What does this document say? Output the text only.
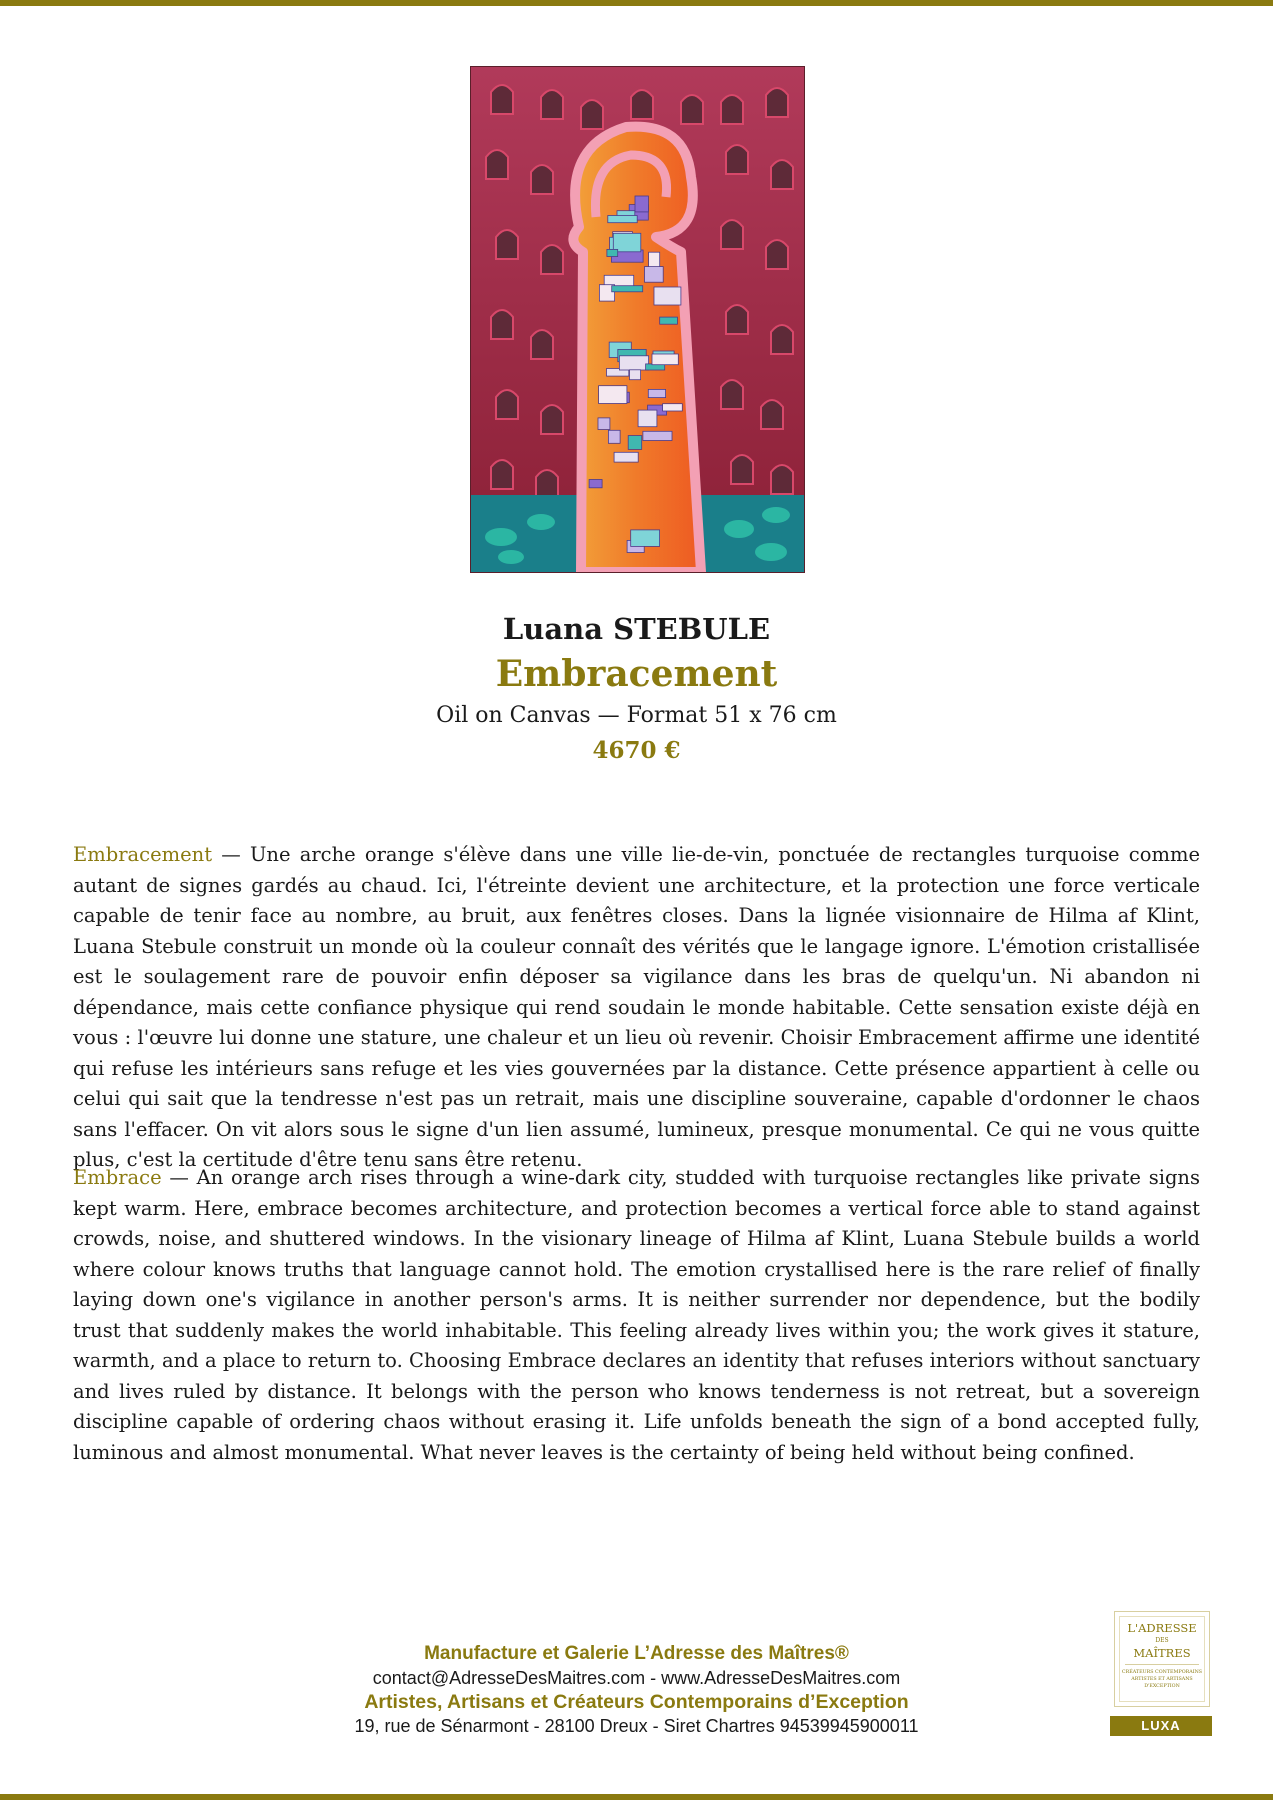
Luana STEBULE
Embracement
Oil on Canvas — Format 51 x 76 cm
4670 €

Embracement — Une arche orange s'élève dans une ville lie-de-vin, ponctuée de rectangles turquoise comme autant de signes gardés au chaud. Ici, l'étreinte devient une architecture, et la protection une force verticale capable de tenir face au nombre, au bruit, aux fenêtres closes. Dans la lignée visionnaire de Hilma af Klint, Luana Stebule construit un monde où la couleur connaît des vérités que le langage ignore. L'émotion cristallisée est le soulagement rare de pouvoir enfin déposer sa vigilance dans les bras de quelqu'un. Ni abandon ni dépendance, mais cette confiance physique qui rend soudain le monde habitable. Cette sensation existe déjà en vous : l'œuvre lui donne une stature, une chaleur et un lieu où revenir. Choisir Embracement affirme une identité qui refuse les intérieurs sans refuge et les vies gouvernées par la distance. Cette présence appartient à celle ou celui qui sait que la tendresse n'est pas un retrait, mais une discipline souveraine, capable d'ordonner le chaos sans l'effacer. On vit alors sous le signe d'un lien assumé, lumineux, presque monumental. Ce qui ne vous quitte plus, c'est la certitude d'être tenu sans être retenu.

Embrace — An orange arch rises through a wine-dark city, studded with turquoise rectangles like private signs kept warm. Here, embrace becomes architecture, and protection becomes a vertical force able to stand against crowds, noise, and shuttered windows. In the visionary lineage of Hilma af Klint, Luana Stebule builds a world where colour knows truths that language cannot hold. The emotion crystallised here is the rare relief of finally laying down one's vigilance in another person's arms. It is neither surrender nor dependence, but the bodily trust that suddenly makes the world inhabitable. This feeling already lives within you; the work gives it stature, warmth, and a place to return to. Choosing Embrace declares an identity that refuses interiors without sanctuary and lives ruled by distance. It belongs with the person who knows tenderness is not retreat, but a sovereign discipline capable of ordering chaos without erasing it. Life unfolds beneath the sign of a bond accepted fully, luminous and almost monumental. What never leaves is the certainty of being held without being confined.

Manufacture et Galerie L’Adresse des Maîtres®
contact@AdresseDesMaitres.com - www.AdresseDesMaitres.com
Artistes, Artisans et Créateurs Contemporains d’Exception
19, rue de Sénarmont - 28100 Dreux - Siret Chartres 94539945900011
L'ADRESSE
DES
MAÎTRES
CRÉATEURS CONTEMPORAINS ARTISTES ET ARTISANS D'EXCEPTION
LUXA
